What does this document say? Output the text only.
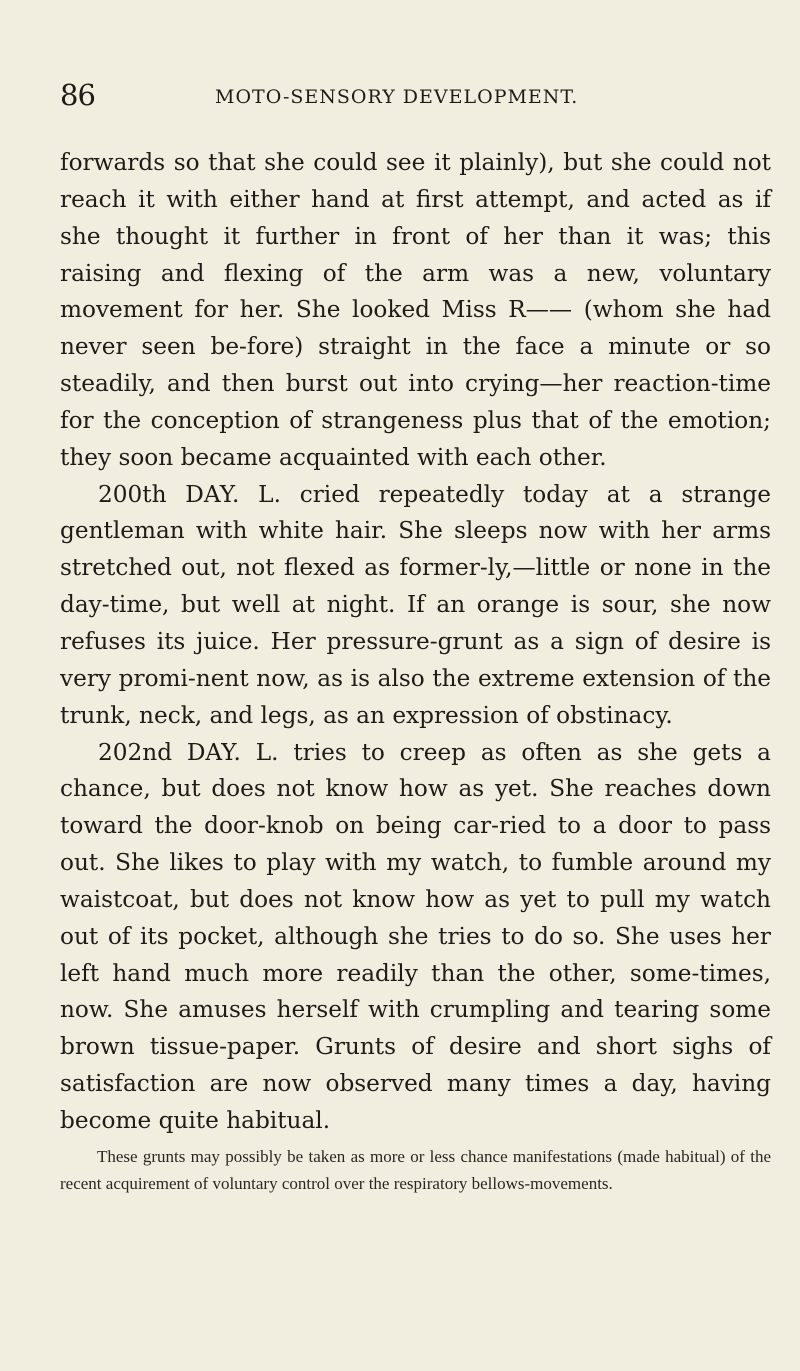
86	MOTO-SENSORY DEVELOPMENT.

forwards so that she could see it plainly), but she could not reach it with either hand at first attempt, and acted as if she thought it further in front of her than it was; this raising and flexing of the arm was a new, voluntary movement for her. She looked Miss R—— (whom she had never seen be-fore) straight in the face a minute or so steadily, and then burst out into crying—her reaction-time for the conception of strangeness plus that of the emotion; they soon became acquainted with each other.

200th DAY. L. cried repeatedly today at a strange gentleman with white hair. She sleeps now with her arms stretched out, not flexed as former-ly,—little or none in the day-time, but well at night. If an orange is sour, she now refuses its juice. Her pressure-grunt as a sign of desire is very promi-nent now, as is also the extreme extension of the trunk, neck, and legs, as an expression of obstinacy.

202nd DAY. L. tries to creep as often as she gets a chance, but does not know how as yet. She reaches down toward the door-knob on being car-ried to a door to pass out. She likes to play with my watch, to fumble around my waistcoat, but does not know how as yet to pull my watch out of its pocket, although she tries to do so. She uses her left hand much more readily than the other, some-times, now. She amuses herself with crumpling and tearing some brown tissue-paper. Grunts of desire and short sighs of satisfaction are now observed many times a day, having become quite habitual.

These grunts may possibly be taken as more or less chance manifestations (made habitual) of the recent acquirement of voluntary control over the respiratory bellows-movements.
